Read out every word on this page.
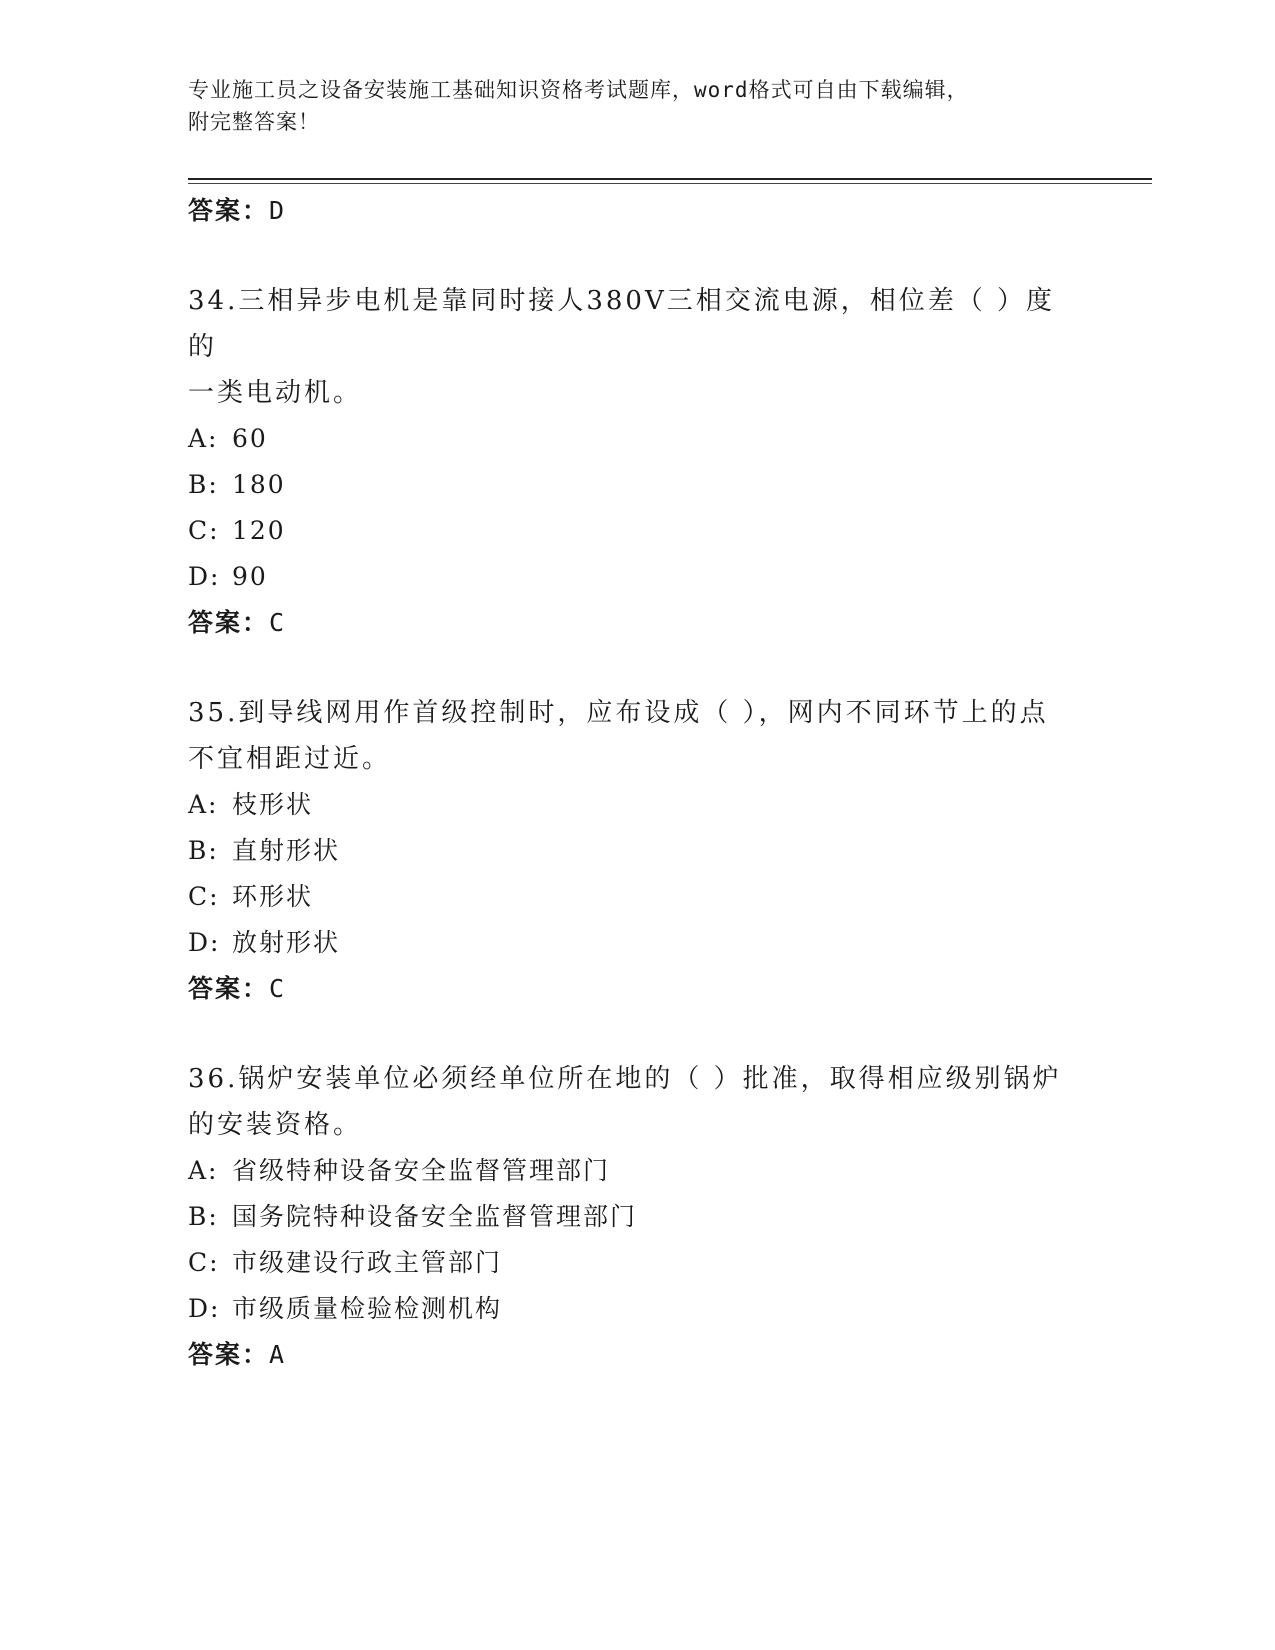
专业施工员之设备安装施工基础知识资格考试题库，word格式可自由下载编辑，
附完整答案！
答案：D
34.三相异步电机是靠同时接人380V三相交流电源，相位差（ ）度的
一类电动机。
A: 60
B: 180
C: 120
D: 90
答案：C
35.到导线网用作首级控制时，应布设成（ ），网内不同环节上的点
不宜相距过近。
A: 枝形状
B: 直射形状
C: 环形状
D: 放射形状
答案：C
36.锅炉安装单位必须经单位所在地的（ ）批准，取得相应级别锅炉
的安装资格。
A: 省级特种设备安全监督管理部门
B: 国务院特种设备安全监督管理部门
C: 市级建设行政主管部门
D: 市级质量检验检测机构
答案：A
